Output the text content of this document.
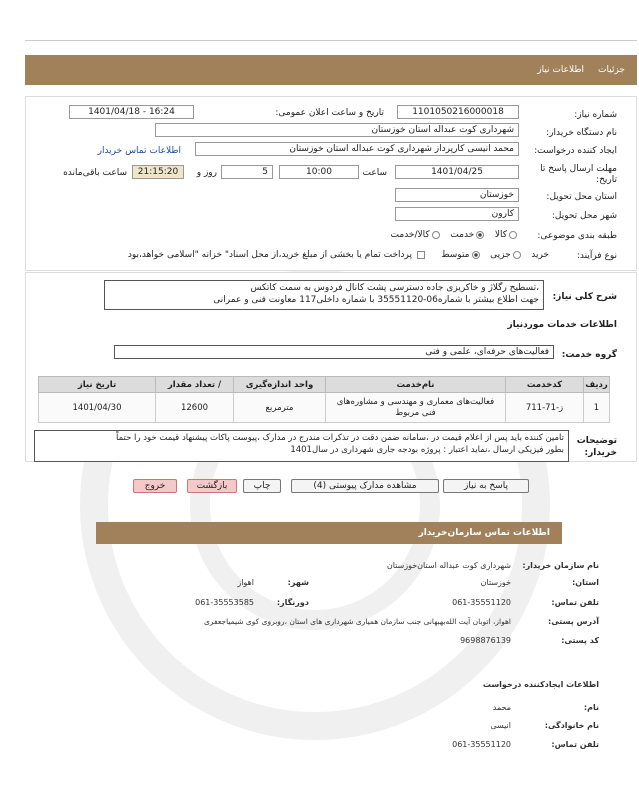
جزئیات
اطلاعات نیاز
شماره نیاز:
1101050216000018
تاریخ و ساعت اعلان عمومی:
1401/04/18 - 16:24
نام دستگاه خریدار:
شهرداری کوت عبداله استان خوزستان
ایجاد کننده درخواست:
محمد انیسی کارپرداز شهرداری کوت عبداله استان خوزستان
اطلاعات تماس خریدار
مهلت ارسال پاسخ تا تاریخ:
1401/04/25
ساعت
10:00
5
روز و
21:15:20
ساعت باقی‌مانده
استان محل تحویل:
خوزستان
شهر محل تحویل:
کارون
طبقه بندی موضوعی:
کالا   خدمت   کالا/خدمت
نوع فرآیند:
خرید   جزیی   متوسط      پرداخت تمام یا بخشی از مبلغ خرید،از محل اسناد" خزانه "اسلامی خواهد،بود
شرح کلی نیاز:
،تسطیح رگلاژ و خاکریزی جاده دسترسی پشت کانال فردوس به سمت کاتکس
جهت اطلاع بیشتر با شماره06-35551120 با شماره داخلی117 معاونت فنی و عمرانی
اطلاعات خدمات موردنیاز
گروه خدمت:
فعالیت‌های حرفه‌ای، علمی و فنی
ردیف	کدخدمت	نام‌خدمت	واحد اندازه‌گیری	/ تعداد مقدار	تاریخ نیاز
1	ز-71-711	فعالیت‌های معماری و مهندسی و مشاوره‌های فنی مربوط	مترمربع	12600	1401/04/30
توضیحات خریدار:
تامین کننده باید پس از اعلام قیمت در ،سامانه ضمن دقت در تذکرات مندرج در مدارک ،پیوست پاکات پیشنهاد قیمت خود را حتماً
بطور فیزیکی ارسال ،نماید اعتبار : پروژه بودجه جاری شهرداری در سال1401
پاسخ به نیاز
مشاهده مدارک پیوستی (4)
چاپ
بازگشت
خروج
اطلاعات تماس سازمان‌خریدار
نام سازمان خریدار:
شهرداری کوت عبداله استان‌خوزستان
استان:
خوزستان
شهر:
اهواز
تلفن تماس:
061-35551120
دورنگار:
061-35553585
آدرس پستی:
اهواز، اتوبان آیت الله‌بهبهانی جنب سازمان همیاری شهرداری های استان ،روبروی کوی شیمیا‌جعفری
کد پستی:
9698876139
اطلاعات ایجادکننده درخواست
نام:
محمد
نام خانوادگی:
انیسی
تلفن تماس:
061-35551120
